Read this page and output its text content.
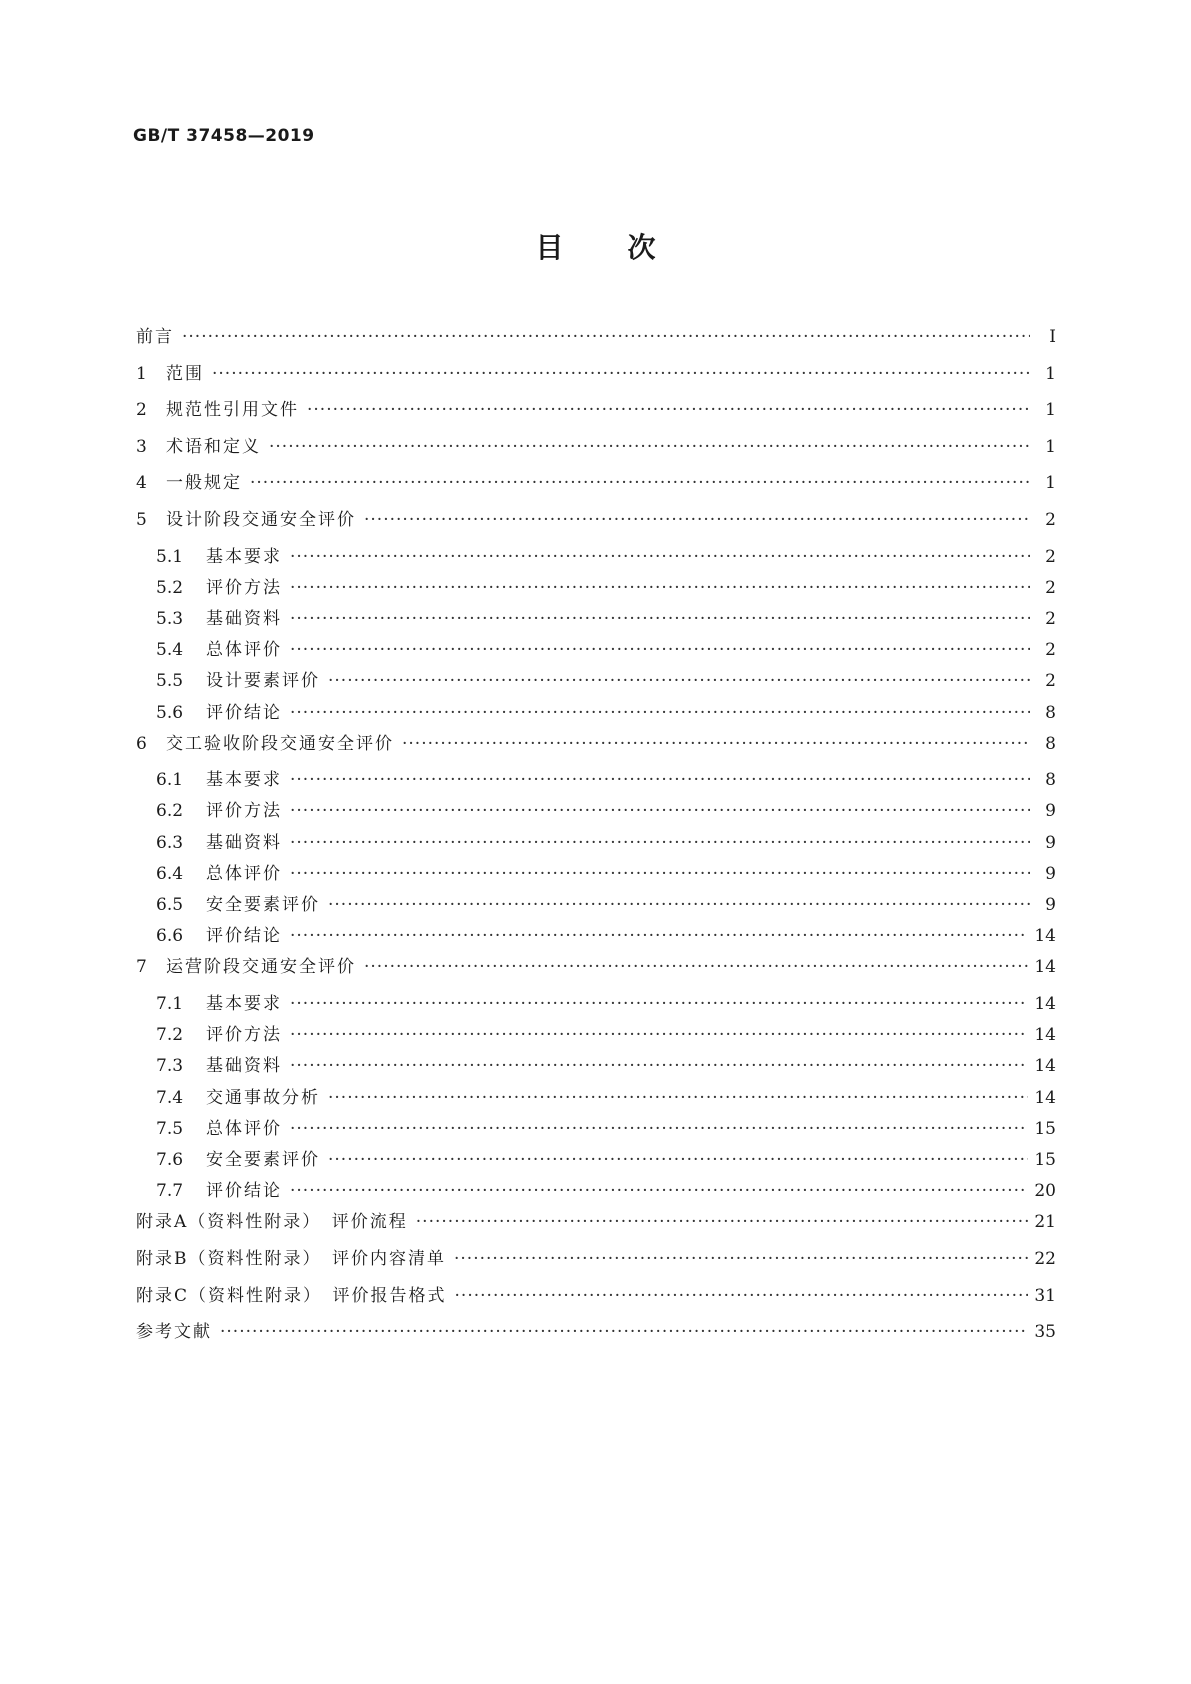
GB/T 37458—2019
目次
前言 ·····	Ⅰ
1 范围 ·····	1
2 规范性引用文件 ·····	1
3 术语和定义 ·····	1
4 一般规定 ·····	1
5 设计阶段交通安全评价 ·····	2
5.1 基本要求 ·····	2
5.2 评价方法 ·····	2
5.3 基础资料 ·····	2
5.4 总体评价 ·····	2
5.5 设计要素评价 ·····	2
5.6 评价结论 ·····	8
6 交工验收阶段交通安全评价 ·····	8
6.1 基本要求 ·····	8
6.2 评价方法 ·····	9
6.3 基础资料 ·····	9
6.4 总体评价 ·····	9
6.5 安全要素评价 ·····	9
6.6 评价结论 ·····	14
7 运营阶段交通安全评价 ·····	14
7.1 基本要求 ·····	14
7.2 评价方法 ·····	14
7.3 基础资料 ·····	14
7.4 交通事故分析 ·····	14
7.5 总体评价 ·····	15
7.6 安全要素评价 ·····	15
7.7 评价结论 ·····	20
附录A（资料性附录）　评价流程 ·····	21
附录B（资料性附录）　评价内容清单 ·····	22
附录C（资料性附录）　评价报告格式 ·····	31
参考文献 ·····	35
